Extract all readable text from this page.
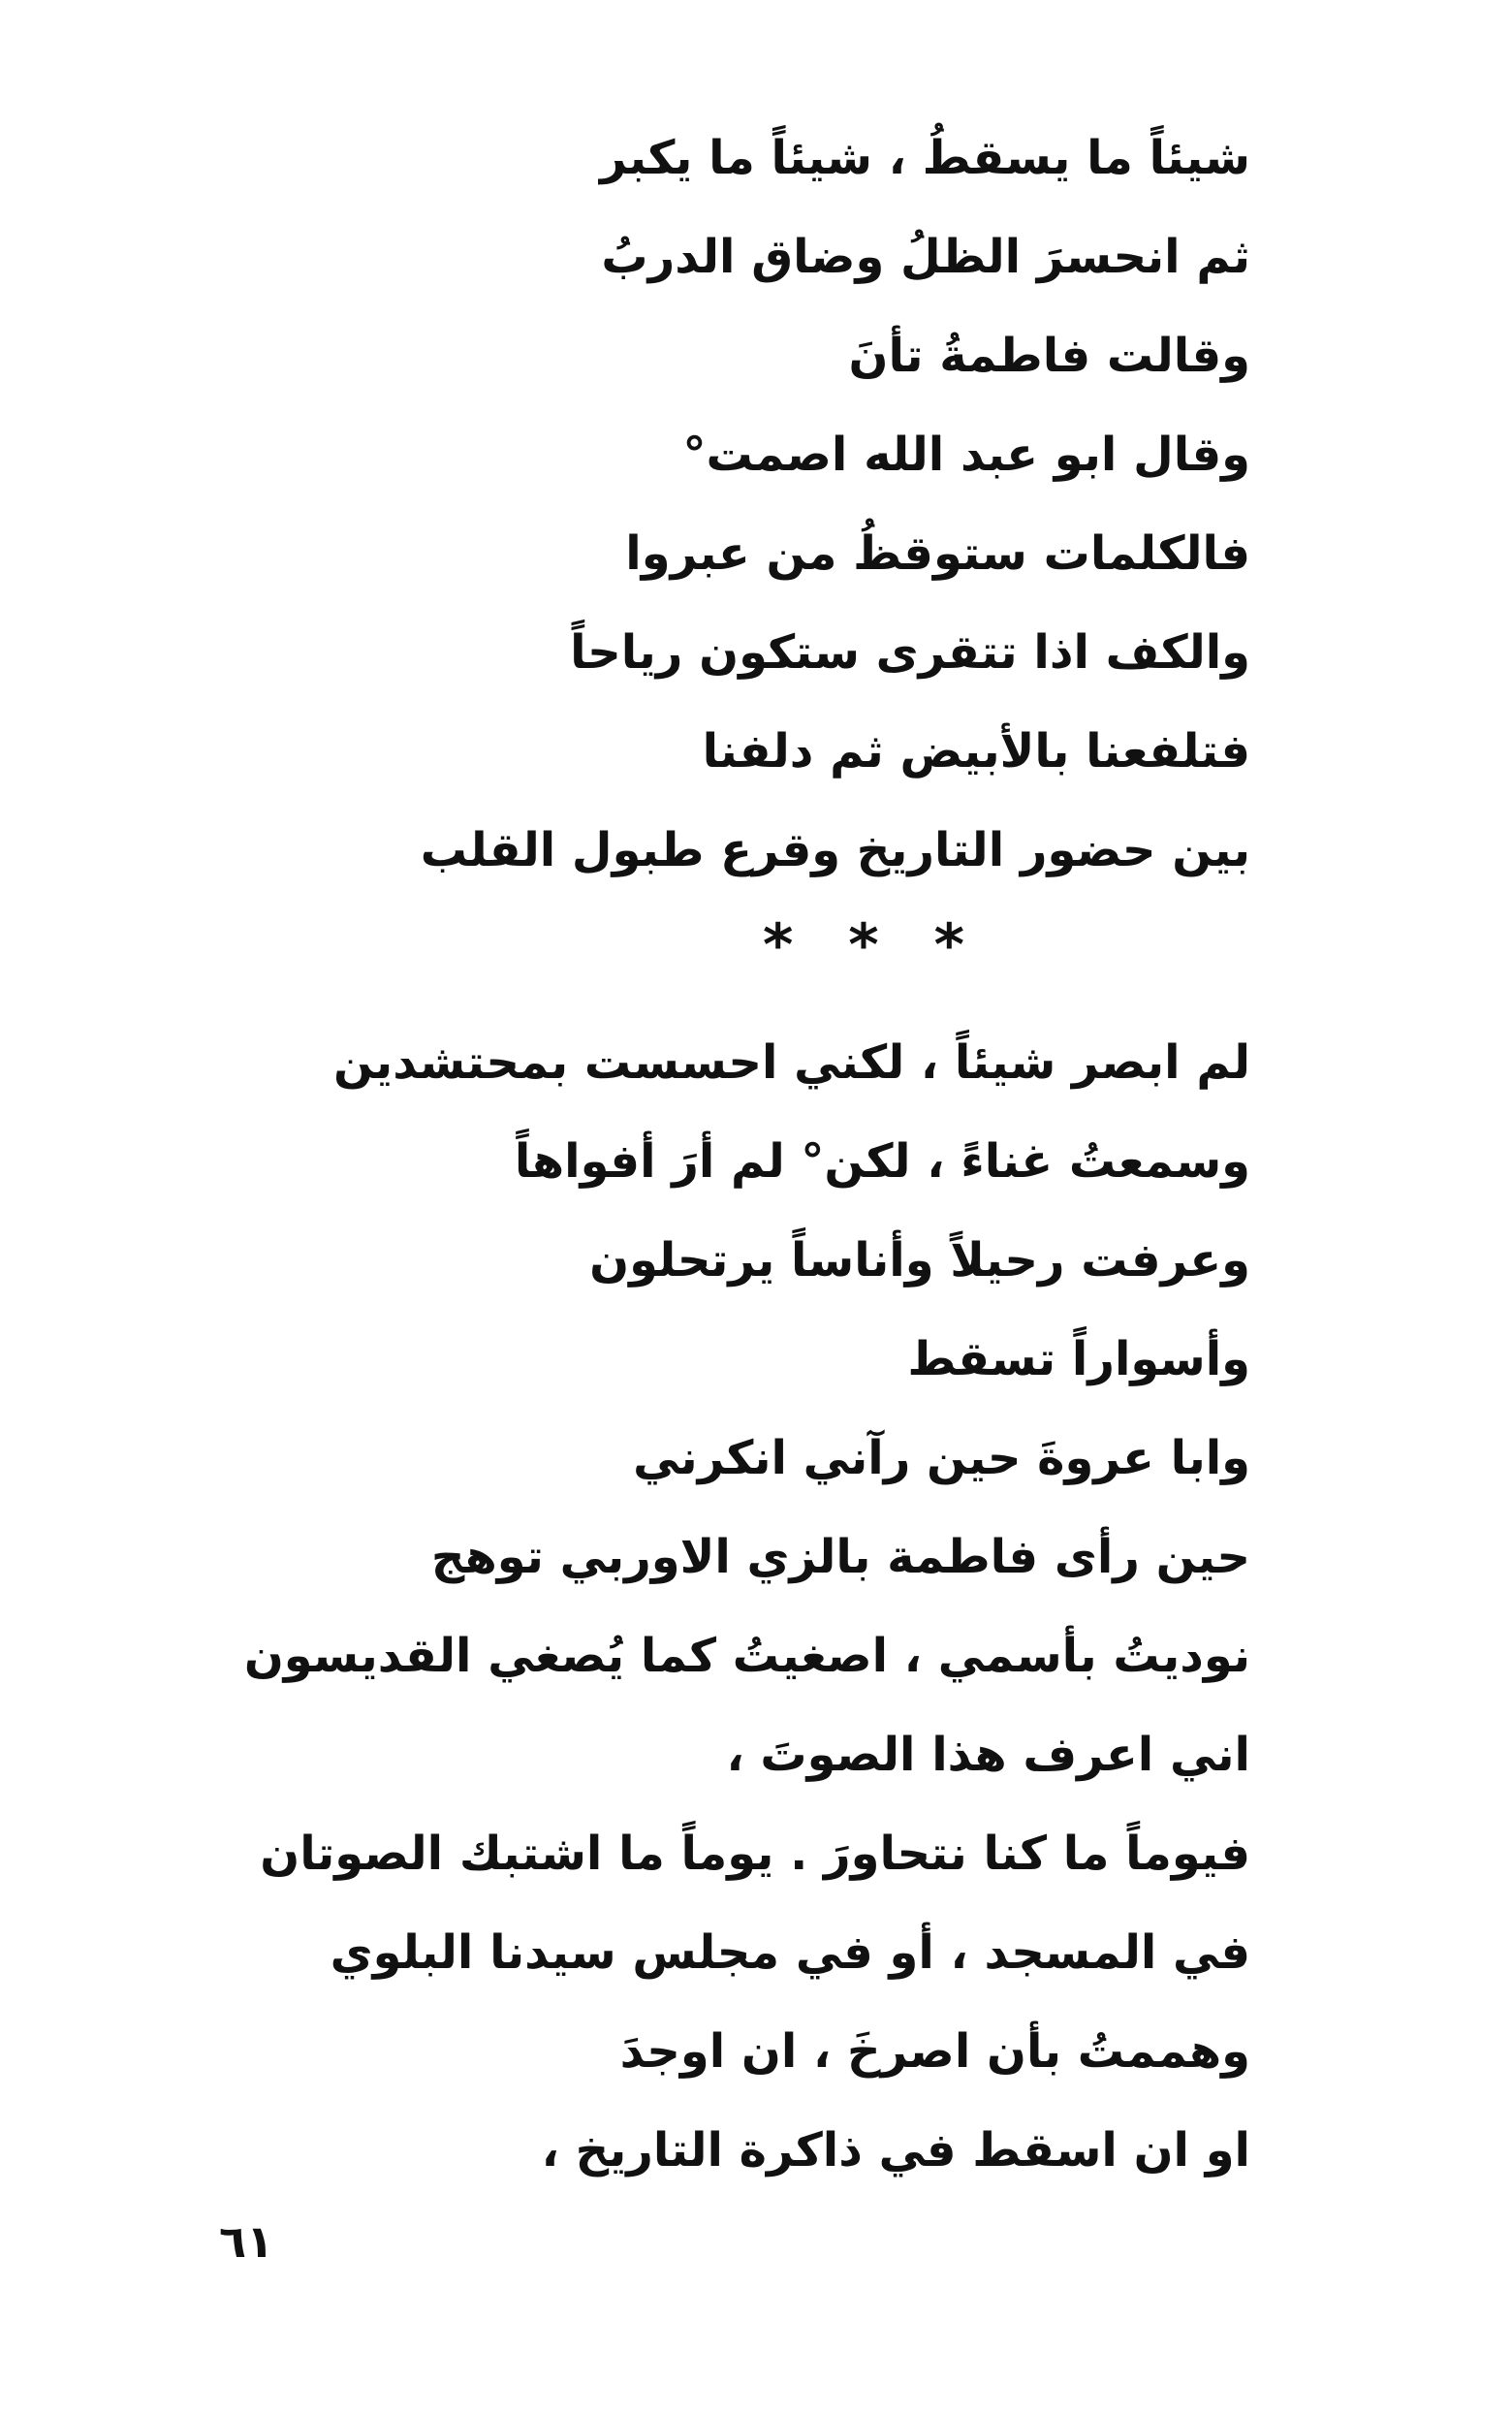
شيئاً ما يسقطُ ، شيئاً ما يكبر
ثم انحسرَ الظلُ وضاق الدربُ
وقالت فاطمةُ تأنَ
وقال ابو عبد الله اصمت°
فالكلمات ستوقظُ من عبروا
والكف اذا تتقرى ستكون رياحاً
فتلفعنا بالأبيض ثم دلفنا
بين حضور التاريخ وقرع طبول القلب
* * *
لم ابصر شيئاً ، لكني احسست بمحتشدين
وسمعتُ غناءً ، لكن° لم أرَ أفواهاً
وعرفت رحيلاً وأناساً يرتحلون
وأسواراً تسقط
وابا عروةَ حين رآني انكرني
حين رأى فاطمة بالزي الاوربي توهج
نوديتُ بأسمي ، اصغيتُ كما يُصغي القديسون
اني اعرف هذا الصوتَ ،
فيوماً ما كنا نتحاورَ . يوماً ما اشتبك الصوتان
في المسجد ، أو في مجلس سيدنا البلوي
وهممتُ بأن اصرخَ ، ان اوجدَ
او ان اسقط في ذاكرة التاريخ ،
٦١
